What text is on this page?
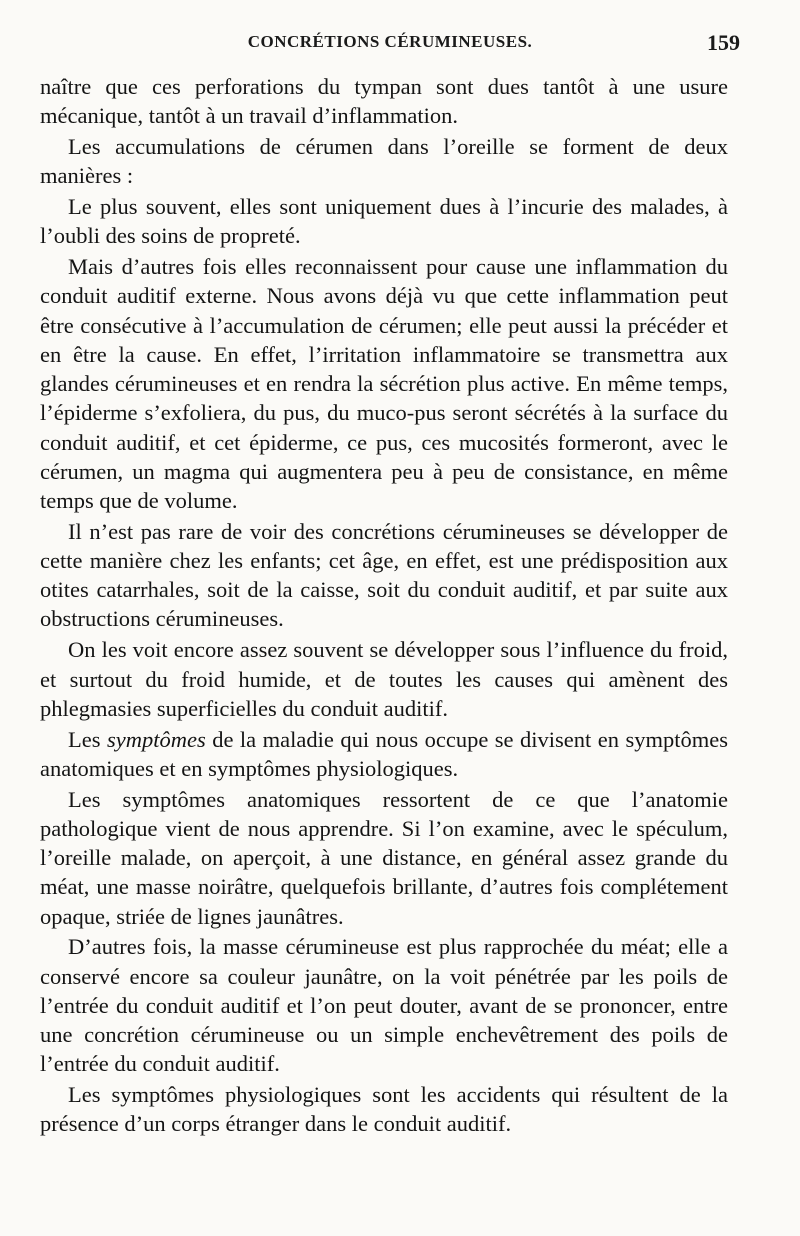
CONCRÉTIONS CÉRUMINEUSES.	159

naître que ces perforations du tympan sont dues tantôt à une usure mécanique, tantôt à un travail d’inflammation.

Les accumulations de cérumen dans l’oreille se forment de deux manières :

Le plus souvent, elles sont uniquement dues à l’incurie des malades, à l’oubli des soins de propreté.

Mais d’autres fois elles reconnaissent pour cause une inflammation du conduit auditif externe. Nous avons déjà vu que cette inflammation peut être consécutive à l’accumulation de cérumen; elle peut aussi la précéder et en être la cause. En effet, l’irritation inflammatoire se transmettra aux glandes cérumineuses et en rendra la sécrétion plus active. En même temps, l’épiderme s’exfoliera, du pus, du muco-pus seront sécrétés à la surface du conduit auditif, et cet épiderme, ce pus, ces mucosités formeront, avec le cérumen, un magma qui augmentera peu à peu de consistance, en même temps que de volume.

Il n’est pas rare de voir des concrétions cérumineuses se développer de cette manière chez les enfants; cet âge, en effet, est une prédisposition aux otites catarrhales, soit de la caisse, soit du conduit auditif, et par suite aux obstructions cérumineuses.

On les voit encore assez souvent se développer sous l’influence du froid, et surtout du froid humide, et de toutes les causes qui amènent des phlegmasies superficielles du conduit auditif.

Les symptômes de la maladie qui nous occupe se divisent en symptômes anatomiques et en symptômes physiologiques.

Les symptômes anatomiques ressortent de ce que l’anatomie pathologique vient de nous apprendre. Si l’on examine, avec le spéculum, l’oreille malade, on aperçoit, à une distance, en général assez grande du méat, une masse noirâtre, quelquefois brillante, d’autres fois complétement opaque, striée de lignes jaunâtres.

D’autres fois, la masse cérumineuse est plus rapprochée du méat; elle a conservé encore sa couleur jaunâtre, on la voit pénétrée par les poils de l’entrée du conduit auditif et l’on peut douter, avant de se prononcer, entre une concrétion cérumineuse ou un simple enchevêtrement des poils de l’entrée du conduit auditif.

Les symptômes physiologiques sont les accidents qui résultent de la présence d’un corps étranger dans le conduit auditif.
